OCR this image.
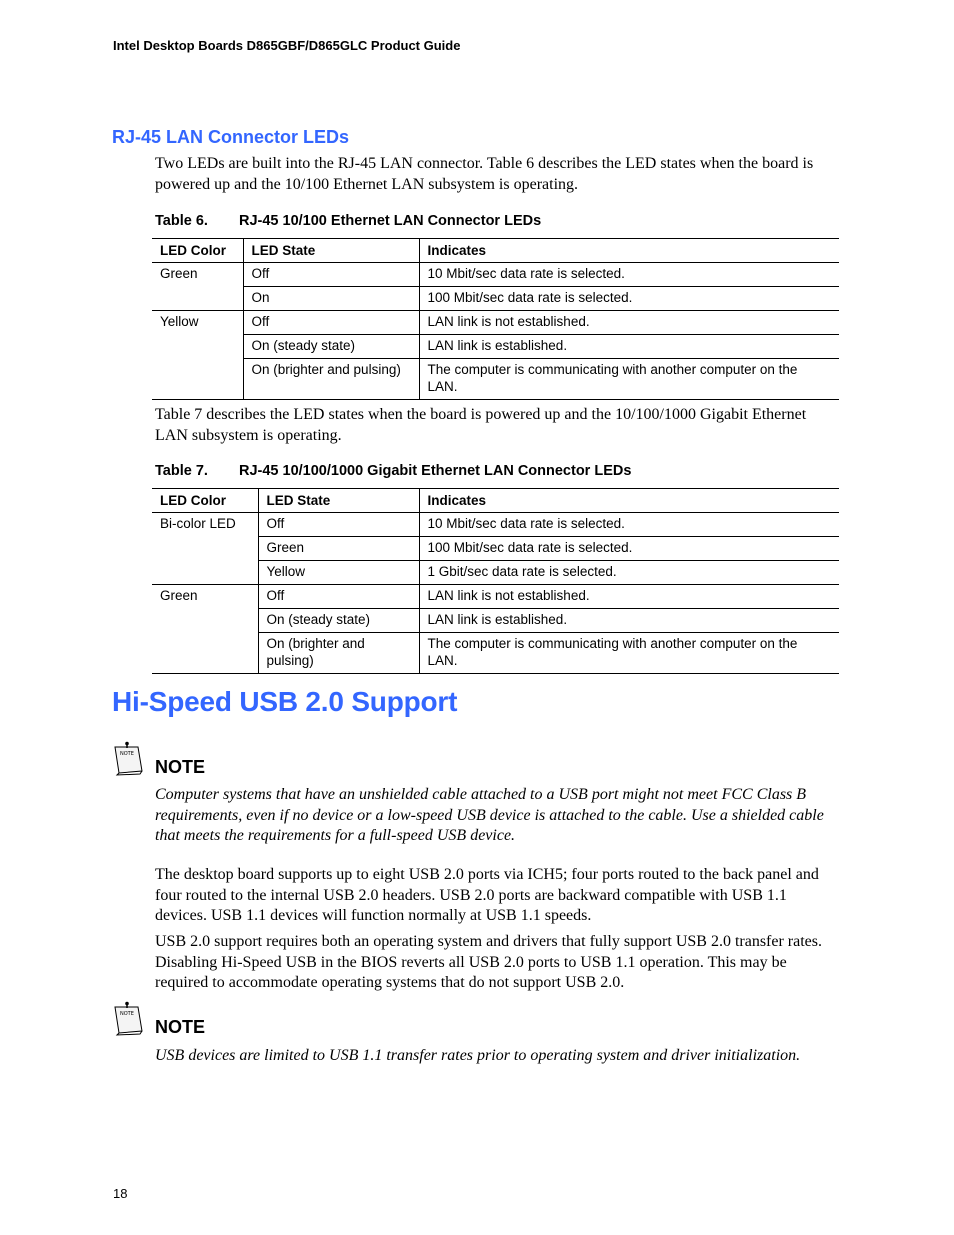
Intel Desktop Boards D865GBF/D865GLC Product Guide
RJ-45 LAN Connector LEDs
Two LEDs are built into the RJ-45 LAN connector. Table 6 describes the LED states when the board is powered up and the 10/100 Ethernet LAN subsystem is operating.
Table 6. RJ-45 10/100 Ethernet LAN Connector LEDs
LED Color	LED State	Indicates
Green	Off	10 Mbit/sec data rate is selected.
	On	100 Mbit/sec data rate is selected.
Yellow	Off	LAN link is not established.
	On (steady state)	LAN link is established.
	On (brighter and pulsing)	The computer is communicating with another computer on the LAN.
Table 7 describes the LED states when the board is powered up and the 10/100/1000 Gigabit Ethernet LAN subsystem is operating.
Table 7. RJ-45 10/100/1000 Gigabit Ethernet LAN Connector LEDs
LED Color	LED State	Indicates
Bi-color LED	Off	10 Mbit/sec data rate is selected.
	Green	100 Mbit/sec data rate is selected.
	Yellow	1 Gbit/sec data rate is selected.
Green	Off	LAN link is not established.
	On (steady state)	LAN link is established.
	On (brighter and pulsing)	The computer is communicating with another computer on the LAN.
Hi-Speed USB 2.0 Support
NOTE
NOTE
Computer systems that have an unshielded cable attached to a USB port might not meet FCC Class B requirements, even if no device or a low-speed USB device is attached to the cable. Use a shielded cable that meets the requirements for a full-speed USB device.
The desktop board supports up to eight USB 2.0 ports via ICH5; four ports routed to the back panel and four routed to the internal USB 2.0 headers. USB 2.0 ports are backward compatible with USB 1.1 devices. USB 1.1 devices will function normally at USB 1.1 speeds.
USB 2.0 support requires both an operating system and drivers that fully support USB 2.0 transfer rates. Disabling Hi-Speed USB in the BIOS reverts all USB 2.0 ports to USB 1.1 operation. This may be required to accommodate operating systems that do not support USB 2.0.
NOTE
NOTE
USB devices are limited to USB 1.1 transfer rates prior to operating system and driver initialization.
18
